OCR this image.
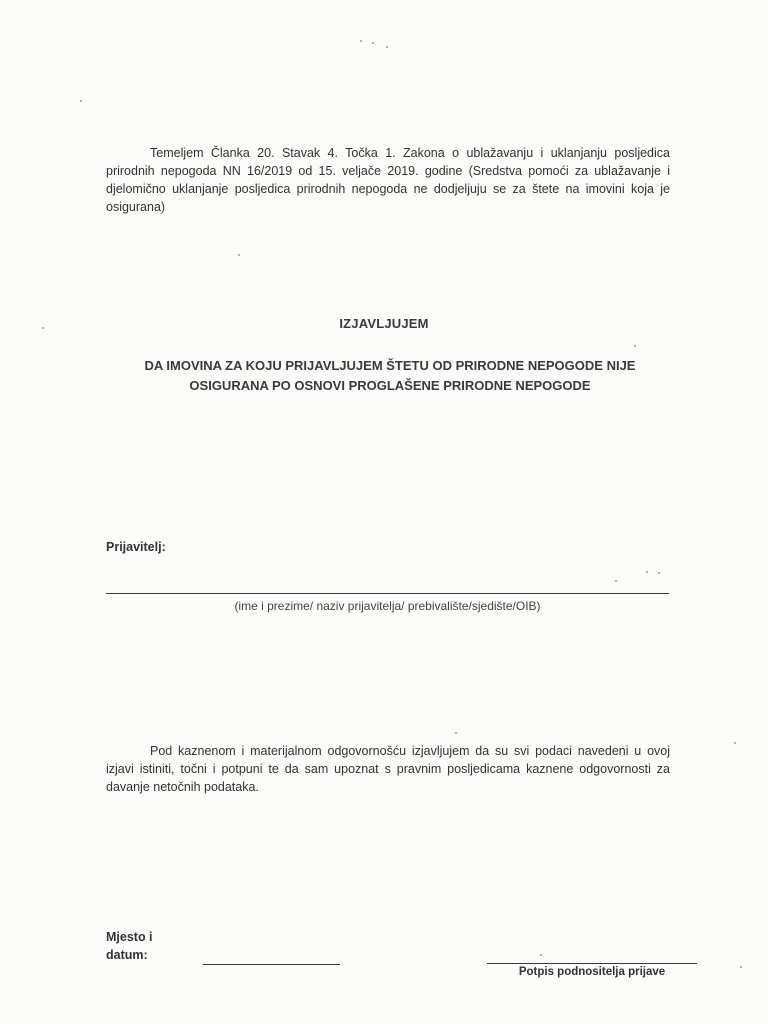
Temeljem Članka 20. Stavak 4. Točka 1. Zakona o ublažavanju i uklanjanju posljedica prirodnih nepogoda NN 16/2019 od 15. veljače 2019. godine (Sredstva pomoći za ublažavanje i djelomično uklanjanje posljedica prirodnih nepogoda ne dodjeljuju se za štete na imovini koja je osigurana)
IZJAVLJUJEM
DA IMOVINA ZA KOJU PRIJAVLJUJEM ŠTETU OD PRIRODNE NEPOGODE NIJE OSIGURANA PO OSNOVI PROGLAŠENE PRIRODNE NEPOGODE
Prijavitelj:
(ime i prezime/ naziv prijavitelja/ prebivalište/sjedište/OIB)
Pod kaznenom i materijalnom odgovornošću izjavljujem da su svi podaci navedeni u ovoj izjavi istiniti, točni i potpuni te da sam upoznat s pravnim posljedicama kaznene odgovornosti za davanje netočnih podataka.
Mjesto i
datum:
Potpis podnositelja prijave
